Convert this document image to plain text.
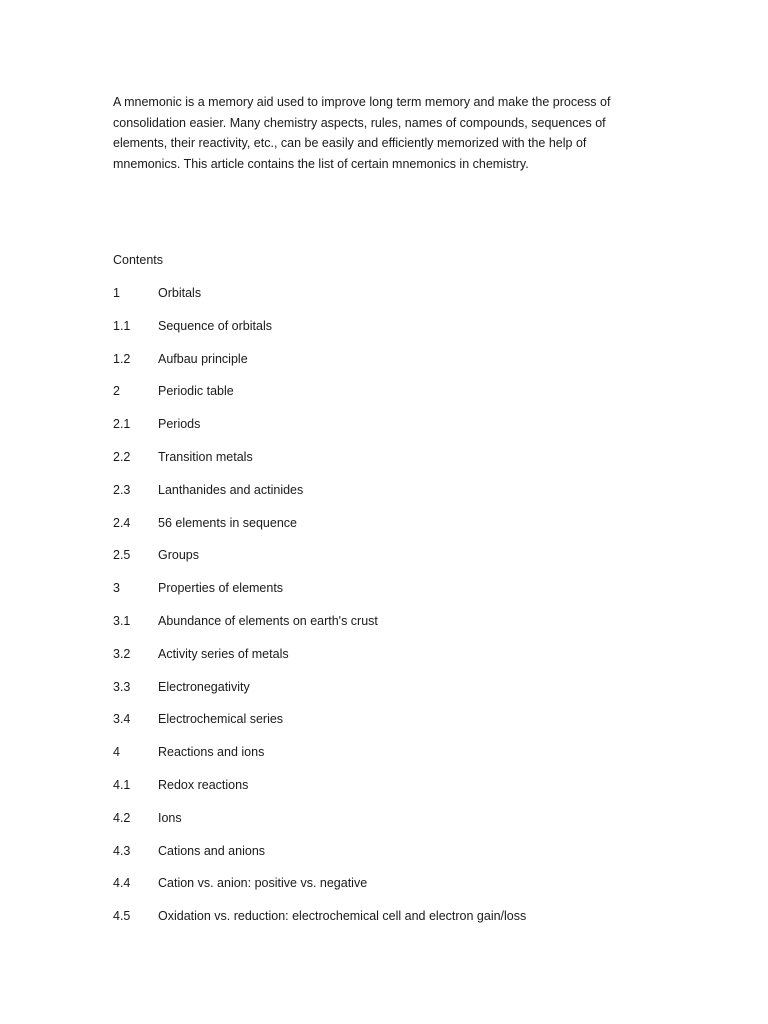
A mnemonic is a memory aid used to improve long term memory and make the process of consolidation easier. Many chemistry aspects, rules, names of compounds, sequences of elements, their reactivity, etc., can be easily and efficiently memorized with the help of mnemonics. This article contains the list of certain mnemonics in chemistry.

Contents

1	Orbitals
1.1	Sequence of orbitals
1.2	Aufbau principle
2	Periodic table
2.1	Periods
2.2	Transition metals
2.3	Lanthanides and actinides
2.4	56 elements in sequence
2.5	Groups
3	Properties of elements
3.1	Abundance of elements on earth's crust
3.2	Activity series of metals
3.3	Electronegativity
3.4	Electrochemical series
4	Reactions and ions
4.1	Redox reactions
4.2	Ions
4.3	Cations and anions
4.4	Cation vs. anion: positive vs. negative
4.5	Oxidation vs. reduction: electrochemical cell and electron gain/loss
